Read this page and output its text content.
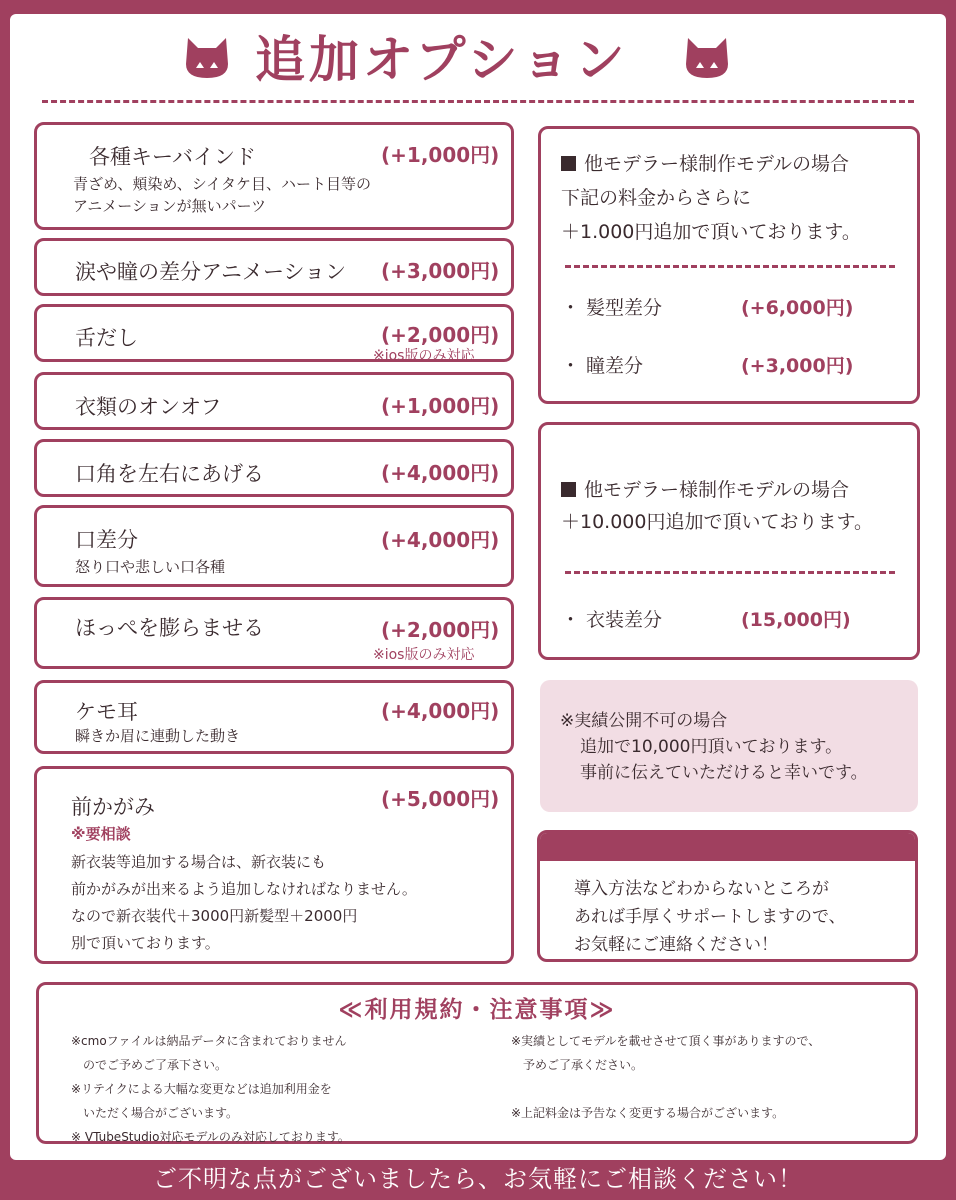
追加オプション
各種キーバインド	(+1,000円)
青ざめ、頬染め、シイタケ目、ハート目等の
アニメーションが無いパーツ
涙や瞳の差分アニメーション (+3,000円)
舌だし	(+2,000円)
※ios版のみ対応
衣類のオンオフ	(+1,000円)
口角を左右にあげる	(+4,000円)
口差分	(+4,000円)
怒り口や悲しい口各種
ほっぺを膨らませる	(+2,000円)
※ios版のみ対応
ケモ耳	(+4,000円)
瞬きか眉に連動した動き
前かがみ	(+5,000円)
※要相談
新衣装等追加する場合は、新衣装にも
前かがみが出来るよう追加しなければなりません。
なので新衣装代＋3000円新髪型＋2000円
別で頂いております。
他モデラー様制作モデルの場合
下記の料金からさらに
＋1.000円追加で頂いております。
・ 髪型差分	(+6,000円)
・ 瞳差分	(+3,000円)
他モデラー様制作モデルの場合
＋10.000円追加で頂いております。
・ 衣装差分	(15,000円)
※実績公開不可の場合
追加で10,000円頂いております。
事前に伝えていただけると幸いです。
導入方法などわからないところが
あれば手厚くサポートしますので、
お気軽にご連絡ください！
≪利用規約・注意事項≫
※cmoファイルは納品データに含まれておりません
　のでご予めご了承下さい。
※リテイクによる大幅な変更などは追加利用金を
　いただく場合がございます。
※ VTubeStudio対応モデルのみ対応しております。
※実績としてモデルを載せさせて頂く事がありますので、
　予めご了承ください。
※上記料金は予告なく変更する場合がございます。
ご不明な点がございましたら、お気軽にご相談ください！
